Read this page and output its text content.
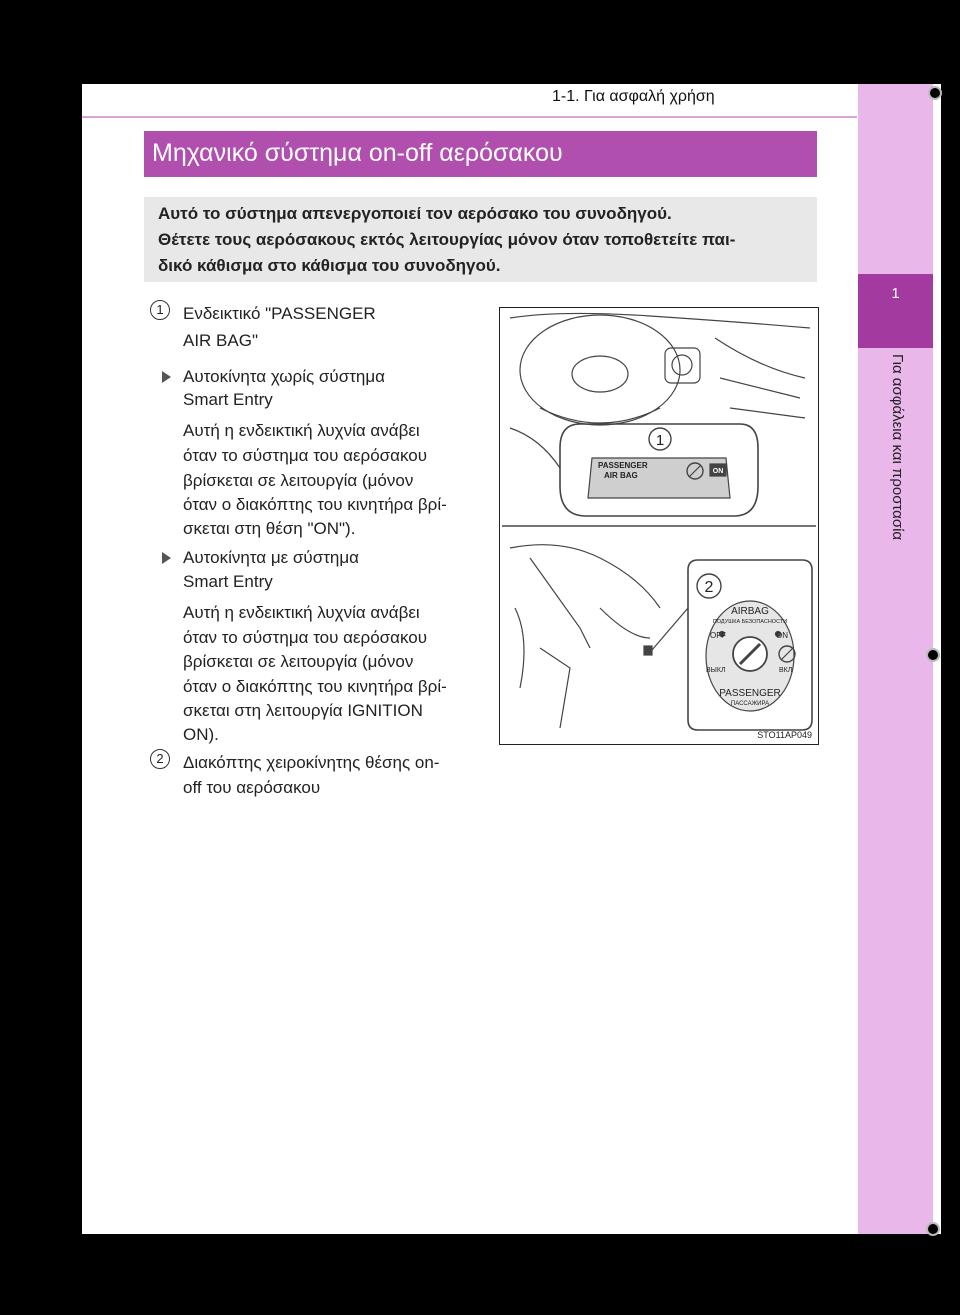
1-1. Για ασφαλή χρήση
1
Για ασφάλεια και προστασία
Μηχανικό σύστημα on-off αερόσακου

Αυτό το σύστημα απενεργοποιεί τον αερόσακο του συνοδηγού.

Θέτετε τους αερόσακους εκτός λειτουργίας μόνον όταν τοποθετείτε παι-

δικό κάθισμα στο κάθισμα του συνοδηγού.

1	Ενδεικτικό "PASSENGER
AIR BAG"
Αυτοκίνητα χωρίς σύστημα
Smart Entry
Αυτή η ενδεικτική λυχνία ανάβει
όταν το σύστημα του αερόσακου
βρίσκεται σε λειτουργία (μόνον
όταν ο διακόπτης του κινητήρα βρί-
σκεται στη θέση "ON").
Αυτοκίνητα με σύστημα
Smart Entry
Αυτή η ενδεικτική λυχνία ανάβει
όταν το σύστημα του αερόσακου
βρίσκεται σε λειτουργία (μόνον
όταν ο διακόπτης του κινητήρα βρί-
σκεται στη λειτουργία IGNITION
ON).
2	Διακόπτης χειροκίνητης θέσης on-
off του αερόσακου
1
2
PASSENGER
AIR BAG	ON
AIRBAG
ПОДУШКА БЕЗОПАСНОСТИ
OFF	ON
ВЫКЛ	ВКЛ
PASSENGER
ПАССАЖИРА
STO11AP049
